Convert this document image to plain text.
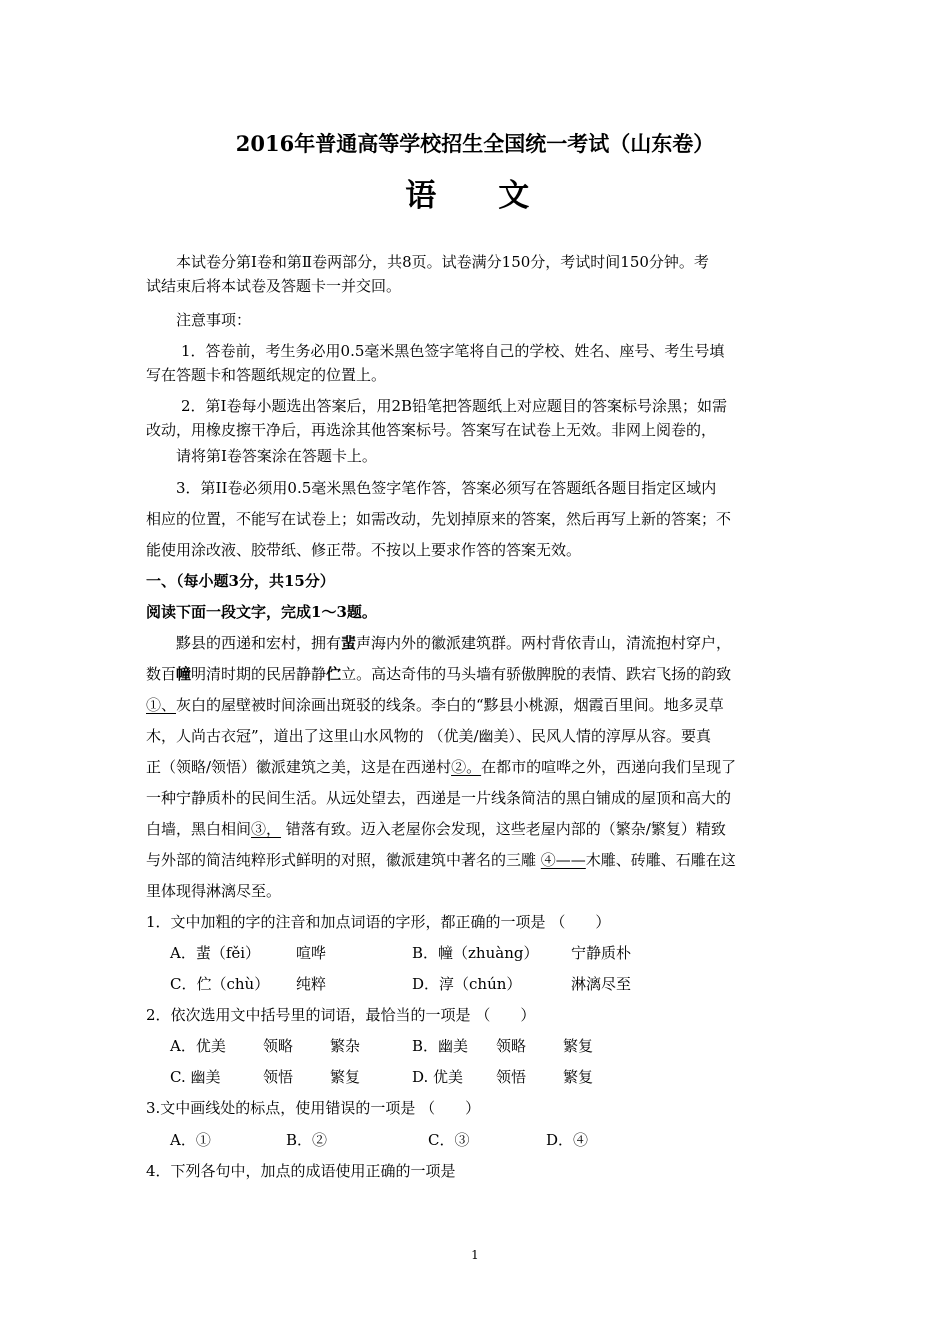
2016年普通高等学校招生全国统一考试（山东卷）
语　文
本试卷分第Ⅰ卷和第Ⅱ卷两部分，共8页。试卷满分150分，考试时间150分钟。考
试结束后将本试卷及答题卡一并交回。
注意事项：
1．答卷前，考生务必用0.5毫米黑色签字笔将自己的学校、姓名、座号、考生号填
写在答题卡和答题纸规定的位置上。
2．第Ⅰ卷每小题选出答案后，用2B铅笔把答题纸上对应题目的答案标号涂黑；如需
改动，用橡皮擦干净后，再选涂其他答案标号。答案写在试卷上无效。非网上阅卷的，
请将第Ⅰ卷答案涂在答题卡上。
3．第II卷必须用0.5毫米黑色签字笔作答，答案必须写在答题纸各题目指定区域内
相应的位置，不能写在试卷上；如需改动，先划掉原来的答案，然后再写上新的答案；不
能使用涂改液、胶带纸、修正带。不按以上要求作答的答案无效。
一、（每小题3分，共15分）
阅读下面一段文字，完成1～3题。
黟县的西递和宏村，拥有蜚声海内外的徽派建筑群。两村背依青山，清流抱村穿户，
数百幢明清时期的民居静静伫立。高达奇伟的马头墙有骄傲脾脫的表情、跌宕飞扬的韵致
①、灰白的屋壁被时间涂画出斑驳的线条。李白的“黟县小桃源，烟霞百里间。地多灵草
木，人尚古衣冠”，道出了这里山水风物的 （优美/幽美）、民风人情的淳厚从容。要真
正（领略/领悟）徽派建筑之美，这是在西递村②。在都市的喧哗之外，西递向我们呈现了
一种宁静质朴的民间生活。从远处望去，西递是一片线条简洁的黑白铺成的屋顶和高大的
白墙，黑白相间③， 错落有致。迈入老屋你会发现，这些老屋内部的（繁杂/繁复）精致
与外部的简洁纯粹形式鲜明的对照，徽派建筑中著名的三雕 ④——木雕、砖雕、石雕在这
里体现得淋漓尽至。
1．文中加粗的字的注音和加点词语的字形，都正确的一项是 （　　）
A．蜚（fěi） 喧哗	B．幢（zhuàng） 宁静质朴
C．伫（chù） 纯粹	D．淳（chún）	淋漓尽至
2．依次选用文中括号里的词语，最恰当的一项是 （　　）
A．优美 领略 繁杂	B．幽美 领略 繁复
C. 幽美	领悟 繁复	D. 优美 领悟 繁复
3.文中画线处的标点，使用错误的一项是 （　　）
A．①	B．②	C．③	D．④
4．下列各句中，加点的成语使用正确的一项是
1
